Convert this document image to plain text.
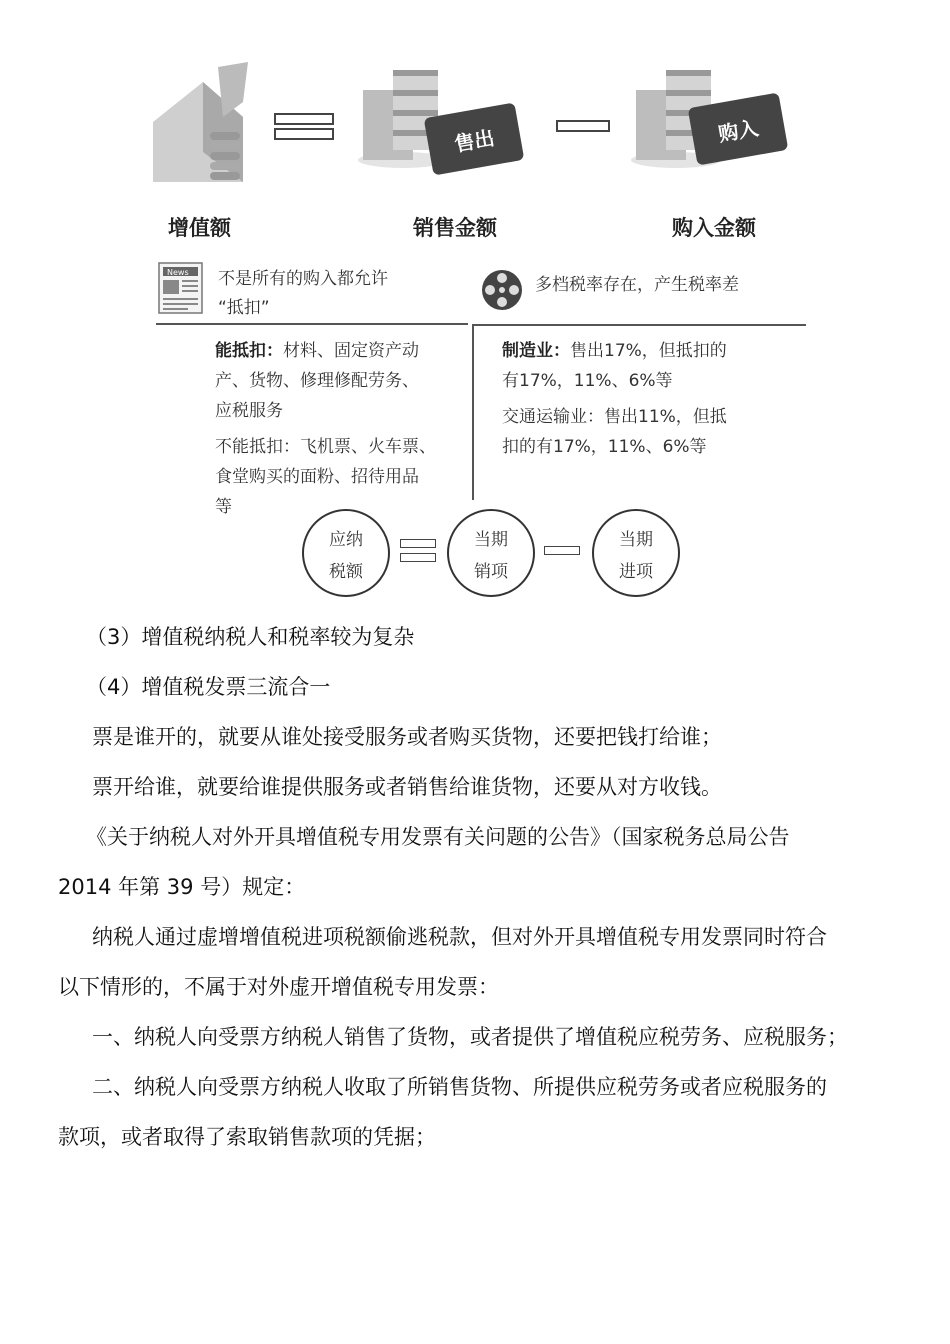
售出	购入
增值额	销售金额	购入金额
News 不是所有的购入都允许
“抵扣”
多档税率存在，产生税率差
能抵扣：材料、固定资产动
产、货物、修理修配劳务、
应税服务
不能抵扣：飞机票、火车票、
食堂购买的面粉、招待用品
等
制造业：售出17%，但抵扣的
有17%，11%、6%等
交通运输业：售出11%，但抵
扣的有17%，11%、6%等
应纳
税额
当期
销项
当期
进项
（3）增值税纳税人和税率较为复杂
（4）增值税发票三流合一
票是谁开的，就要从谁处接受服务或者购买货物，还要把钱打给谁；
票开给谁，就要给谁提供服务或者销售给谁货物，还要从对方收钱。
《关于纳税人对外开具增值税专用发票有关问题的公告》（国家税务总局公告
2014 年第 39 号）规定：
纳税人通过虚增增值税进项税额偷逃税款，但对外开具增值税专用发票同时符合
以下情形的，不属于对外虚开增值税专用发票：
一、纳税人向受票方纳税人销售了货物，或者提供了增值税应税劳务、应税服务；
二、纳税人向受票方纳税人收取了所销售货物、所提供应税劳务或者应税服务的
款项，或者取得了索取销售款项的凭据；
